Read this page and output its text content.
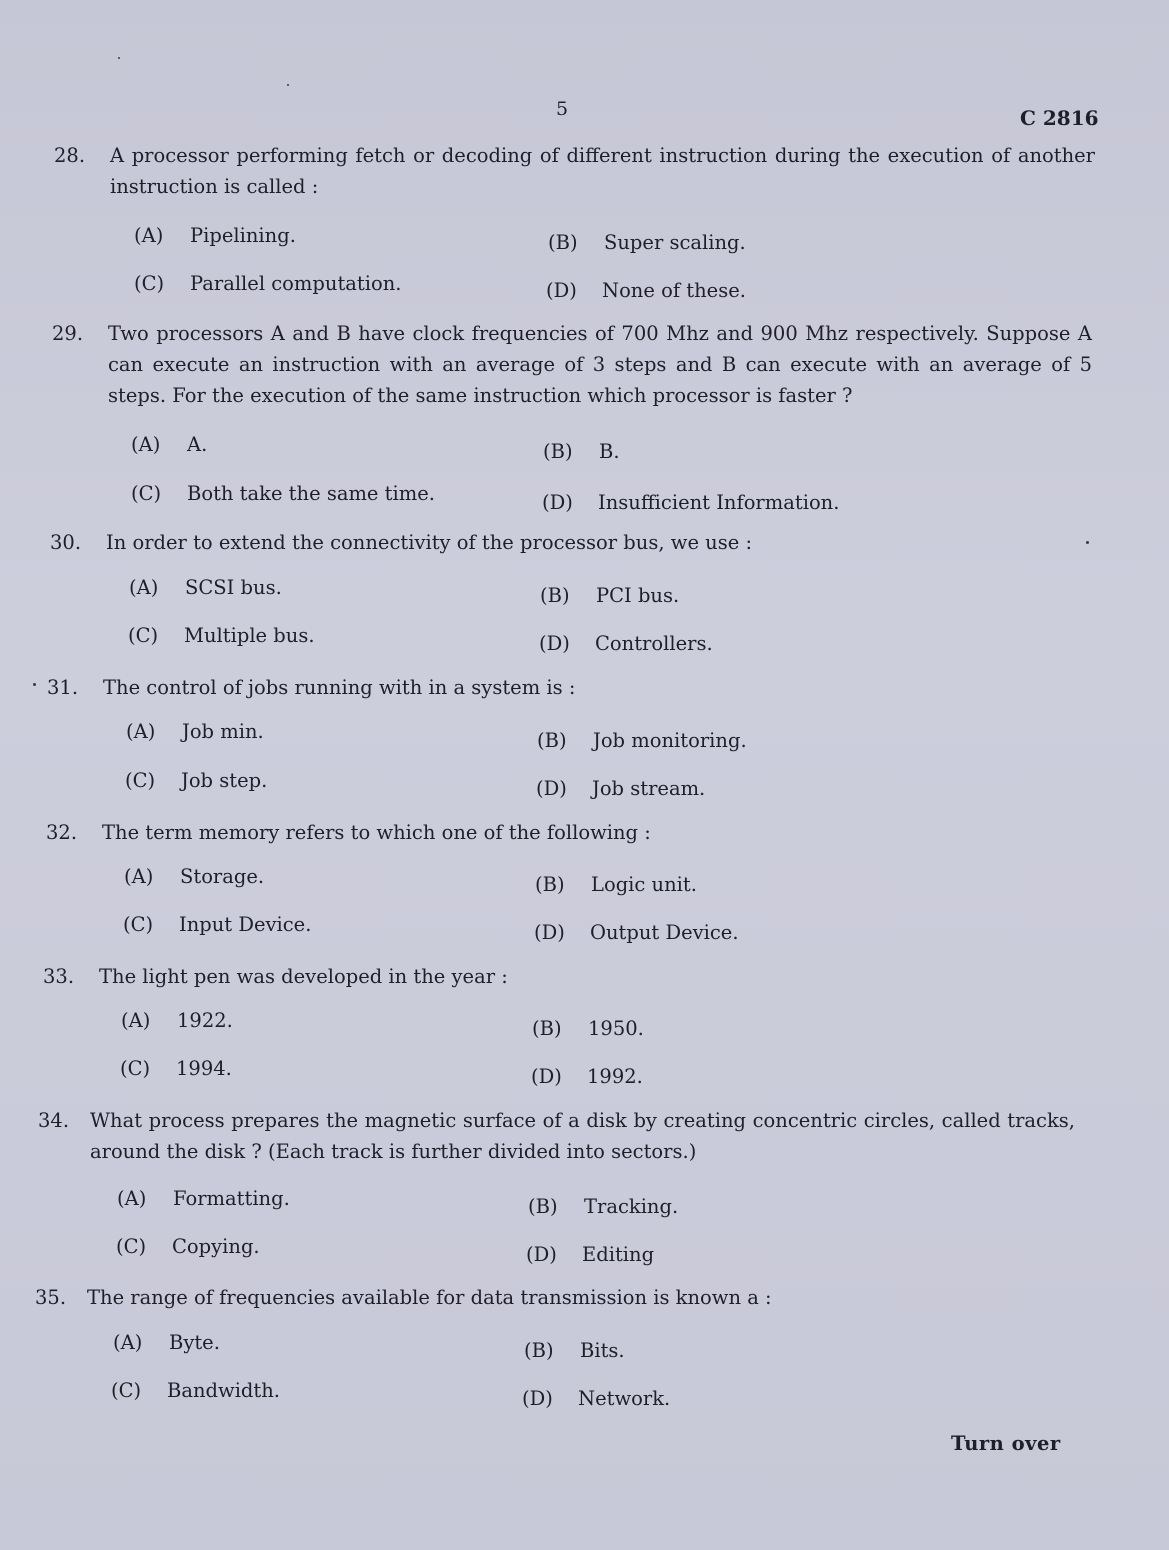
5	C 2816
28. A processor performing fetch or decoding of different instruction during the execution of another instruction is called :
(A) Pipelining.	(B) Super scaling.
(C) Parallel computation.	(D) None of these.
29. Two processors A and B have clock frequencies of 700 Mhz and 900 Mhz respectively. Suppose A can execute an instruction with an average of 3 steps and B can execute with an average of 5 steps. For the execution of the same instruction which processor is faster ?
(A) A.	(B) B.
(C) Both take the same time.	(D) Insufficient Information.
30. In order to extend the connectivity of the processor bus, we use :
(A) SCSI bus.	(B) PCI bus.
(C) Multiple bus.	(D) Controllers.
31. The control of jobs running with in a system is :
(A) Job min.	(B) Job monitoring.
(C) Job step.	(D) Job stream.
32. The term memory refers to which one of the following :
(A) Storage.	(B) Logic unit.
(C) Input Device.	(D) Output Device.
33. The light pen was developed in the year :
(A) 1922.	(B) 1950.
(C) 1994.	(D) 1992.
34. What process prepares the magnetic surface of a disk by creating concentric circles, called tracks, around the disk ? (Each track is further divided into sectors.)
(A) Formatting.	(B) Tracking.
(C) Copying.	(D) Editing
35. The range of frequencies available for data transmission is known a :
(A) Byte.	(B) Bits.
(C) Bandwidth.	(D) Network.
Turn over
